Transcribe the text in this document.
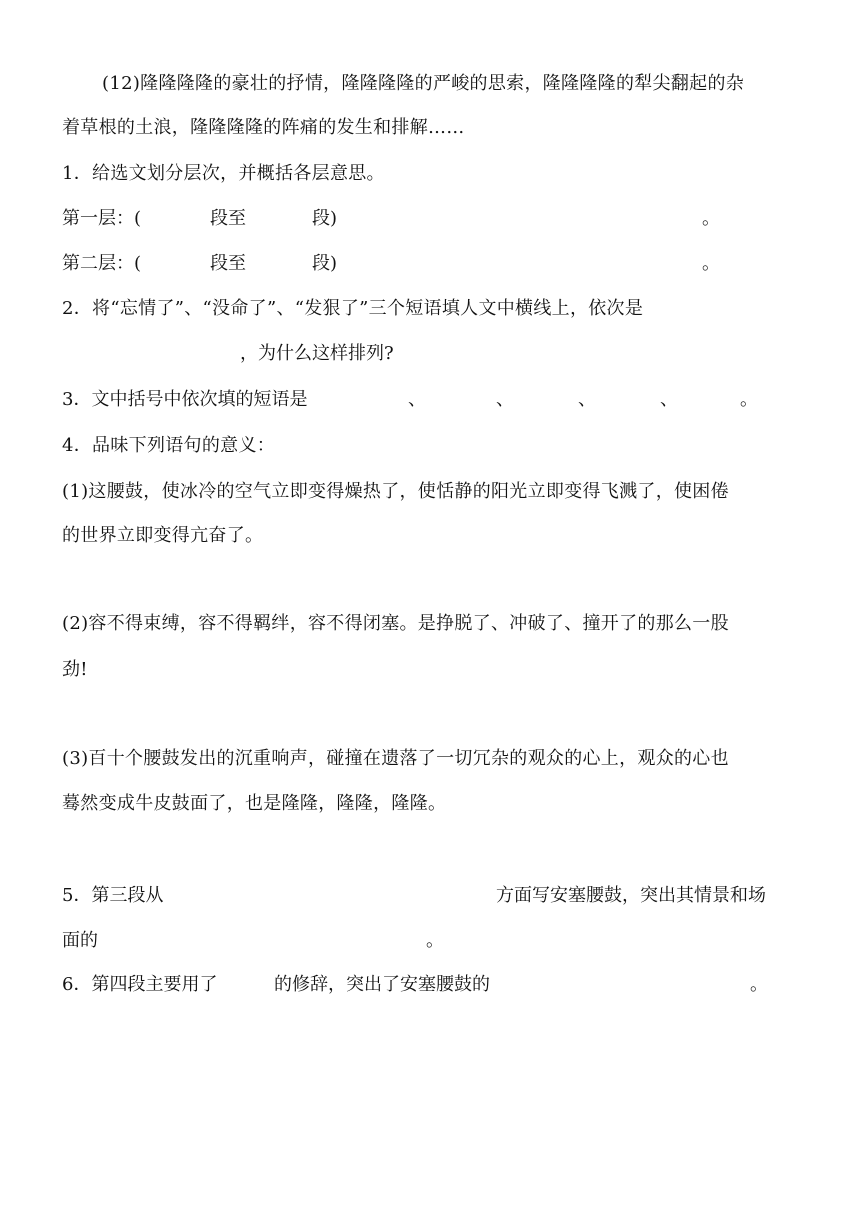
(12)隆隆隆隆的豪壮的抒情，隆隆隆隆的严峻的思索，隆隆隆隆的犁尖翻起的杂
着草根的土浪，隆隆隆隆的阵痛的发生和排解……
1．给选文划分层次，并概括各层意思。
第一层：(	段至	段)	。
第二层：(	段至	段)	。
2．将“忘情了”、“没命了”、“发狠了”三个短语填人文中横线上，依次是
，为什么这样排列?
3．文中括号中依次填的短语是	、	、	、	、	。
4．品味下列语句的意义：
(1)这腰鼓，使冰冷的空气立即变得燥热了，使恬静的阳光立即变得飞溅了，使困倦
的世界立即变得亢奋了。
(2)容不得束缚，容不得羁绊，容不得闭塞。是挣脱了、冲破了、撞开了的那么一股
劲!
(3)百十个腰鼓发出的沉重响声，碰撞在遗落了一切冗杂的观众的心上，观众的心也
蓦然变成牛皮鼓面了，也是隆隆，隆隆，隆隆。
5．第三段从	方面写安塞腰鼓，突出其情景和场
面的	。
6．第四段主要用了	的修辞，突出了安塞腰鼓的	。
